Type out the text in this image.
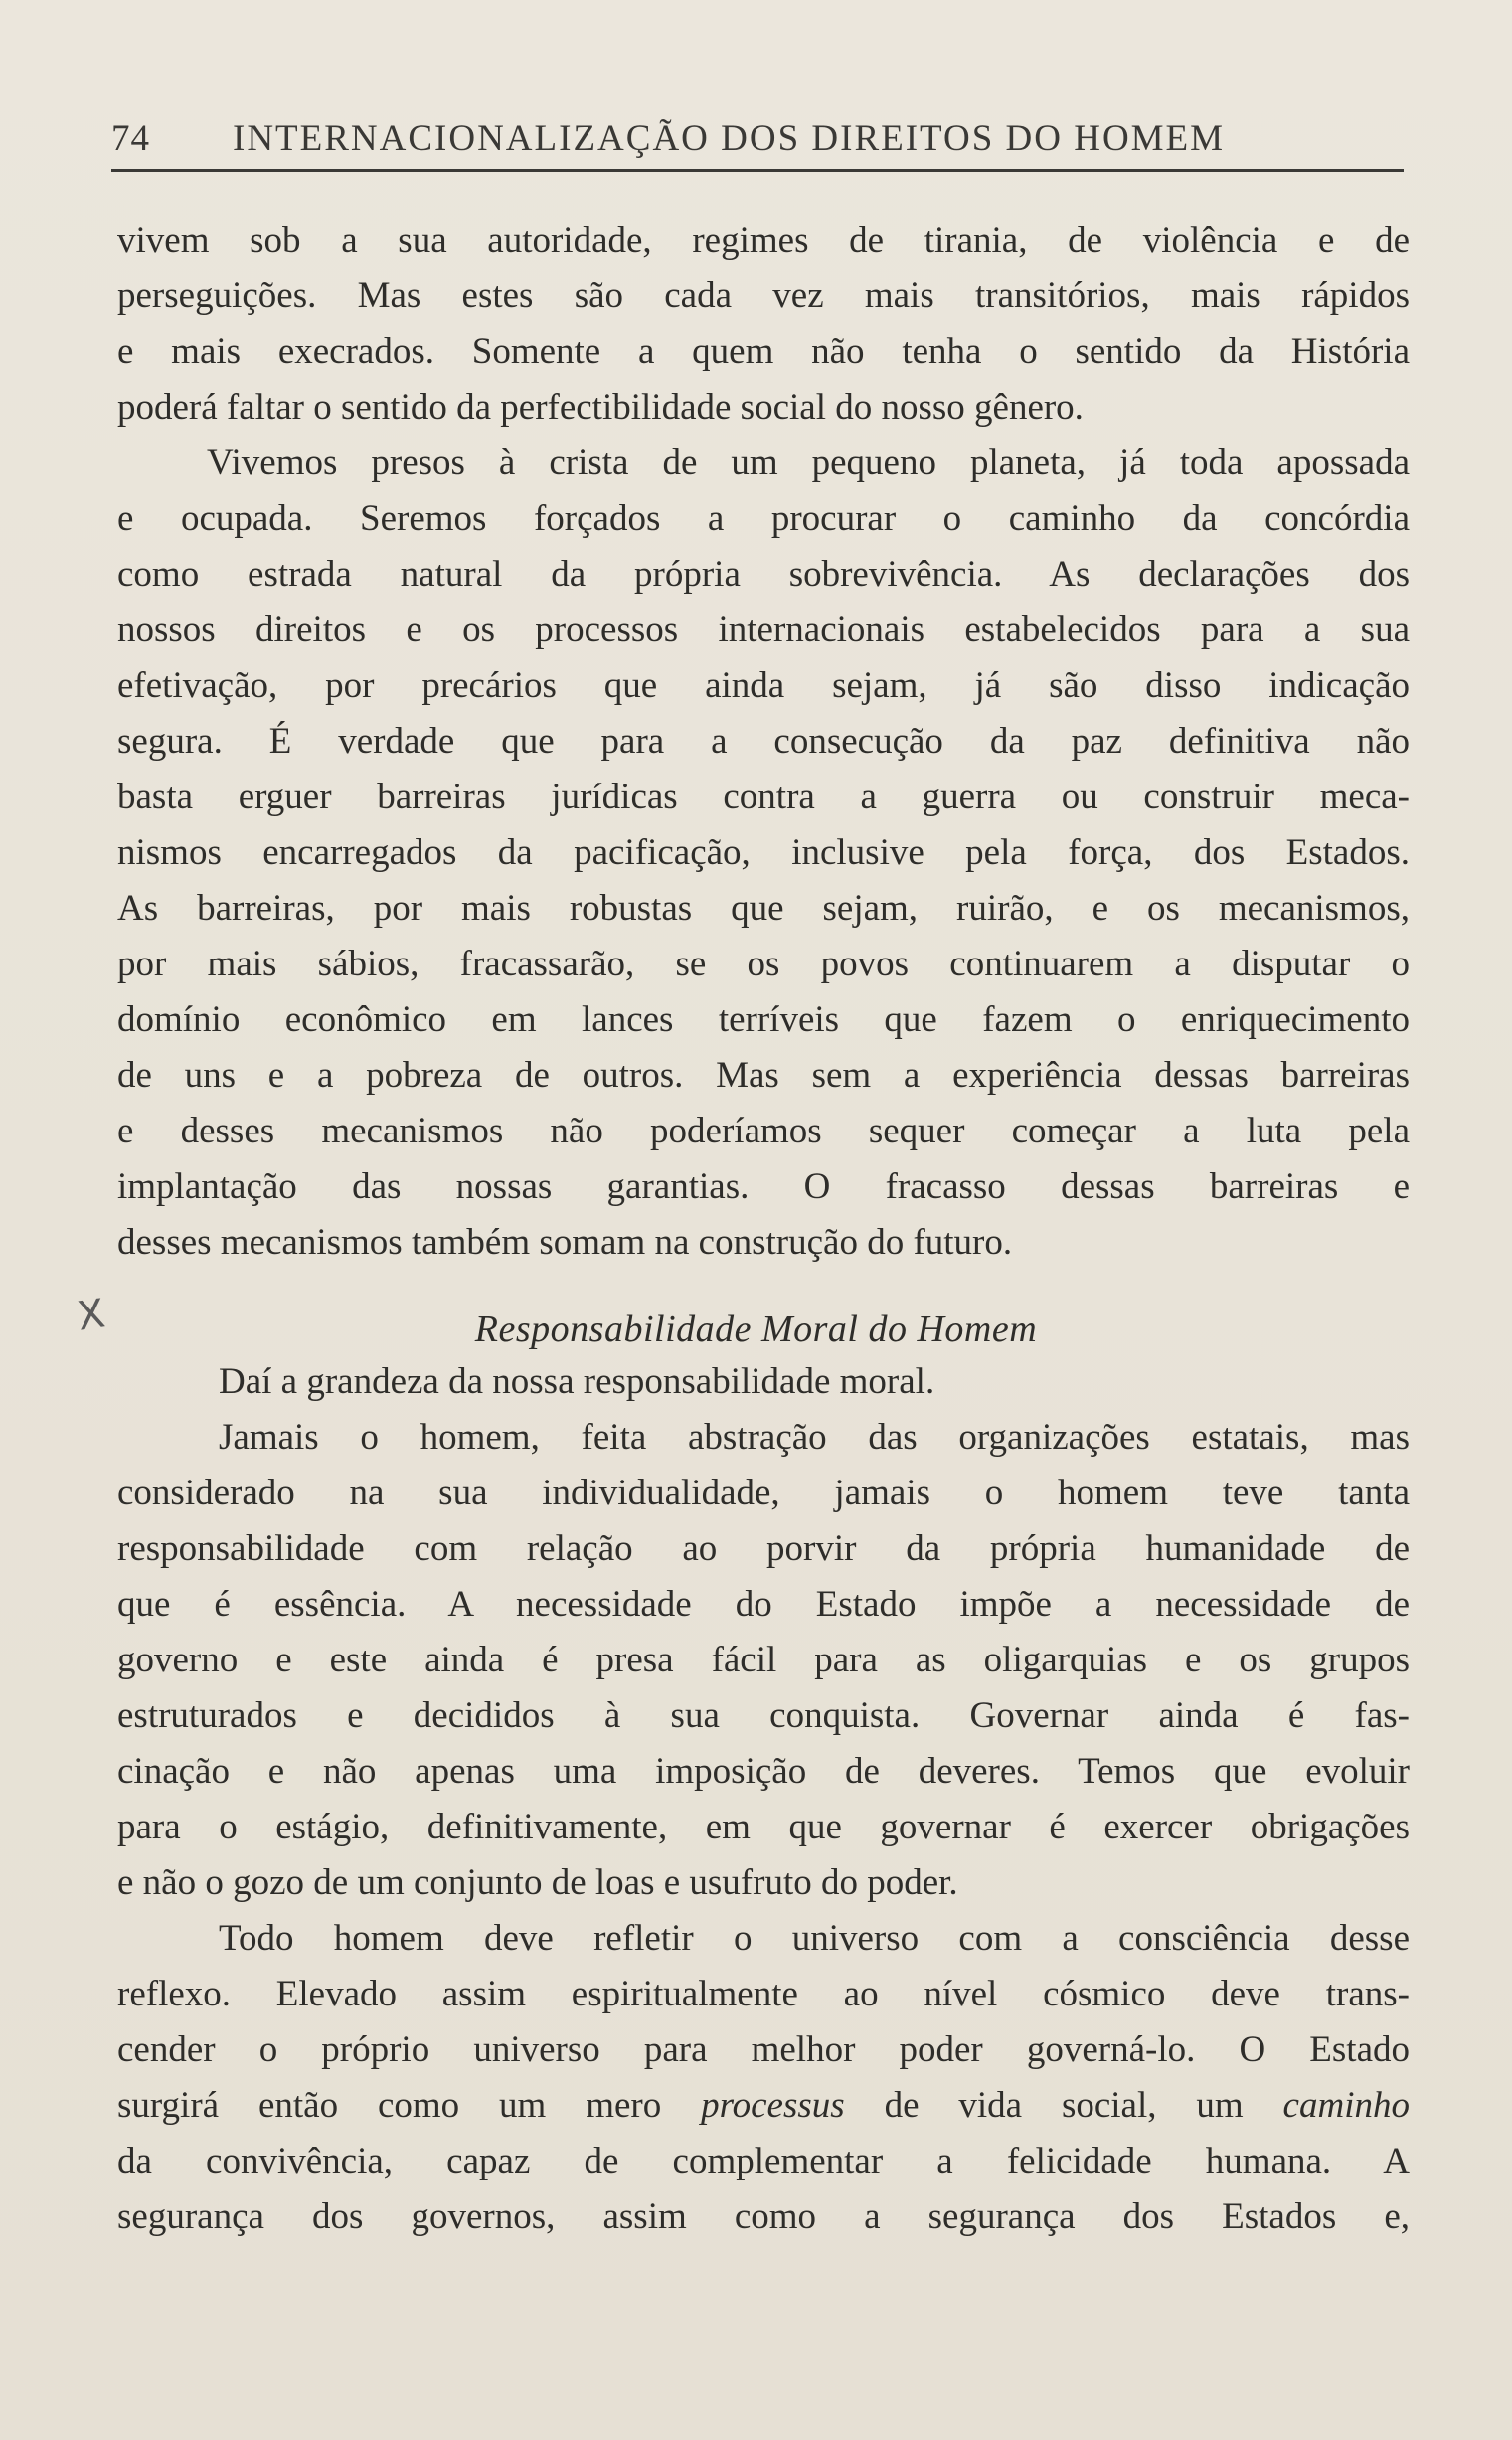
74 INTERNACIONALIZAÇÃO DOS DIREITOS DO HOMEM
vivem sob a sua autoridade, regimes de tirania, de violência e de
perseguições. Mas estes são cada vez mais transitórios, mais rápidos
e mais execrados. Somente a quem não tenha o sentido da História
poderá faltar o sentido da perfectibilidade social do nosso gênero.
Vivemos presos à crista de um pequeno planeta, já toda apossada
e ocupada. Seremos forçados a procurar o caminho da concórdia
como estrada natural da própria sobrevivência. As declarações dos
nossos direitos e os processos internacionais estabelecidos para a sua
efetivação, por precários que ainda sejam, já são disso indicação
segura. É verdade que para a consecução da paz definitiva não
basta erguer barreiras jurídicas contra a guerra ou construir meca-
nismos encarregados da pacificação, inclusive pela força, dos Estados.
As barreiras, por mais robustas que sejam, ruirão, e os mecanismos,
por mais sábios, fracassarão, se os povos continuarem a disputar o
domínio econômico em lances terríveis que fazem o enriquecimento
de uns e a pobreza de outros. Mas sem a experiência dessas barreiras
e desses mecanismos não poderíamos sequer começar a luta pela
implantação das nossas garantias. O fracasso dessas barreiras e
desses mecanismos também somam na construção do futuro.
X	Responsabilidade Moral do Homem
Daí a grandeza da nossa responsabilidade moral.
Jamais o homem, feita abstração das organizações estatais, mas
considerado na sua individualidade, jamais o homem teve tanta
responsabilidade com relação ao porvir da própria humanidade de
que é essência. A necessidade do Estado impõe a necessidade de
governo e este ainda é presa fácil para as oligarquias e os grupos
estruturados e decididos à sua conquista. Governar ainda é fas-
cinação e não apenas uma imposição de deveres. Temos que evoluir
para o estágio, definitivamente, em que governar é exercer obrigações
e não o gozo de um conjunto de loas e usufruto do poder.
Todo homem deve refletir o universo com a consciência desse
reflexo. Elevado assim espiritualmente ao nível cósmico deve trans-
cender o próprio universo para melhor poder governá-lo. O Estado
surgirá então como um mero processus de vida social, um caminho
da convivência, capaz de complementar a felicidade humana. A
segurança dos governos, assim como a segurança dos Estados e,
